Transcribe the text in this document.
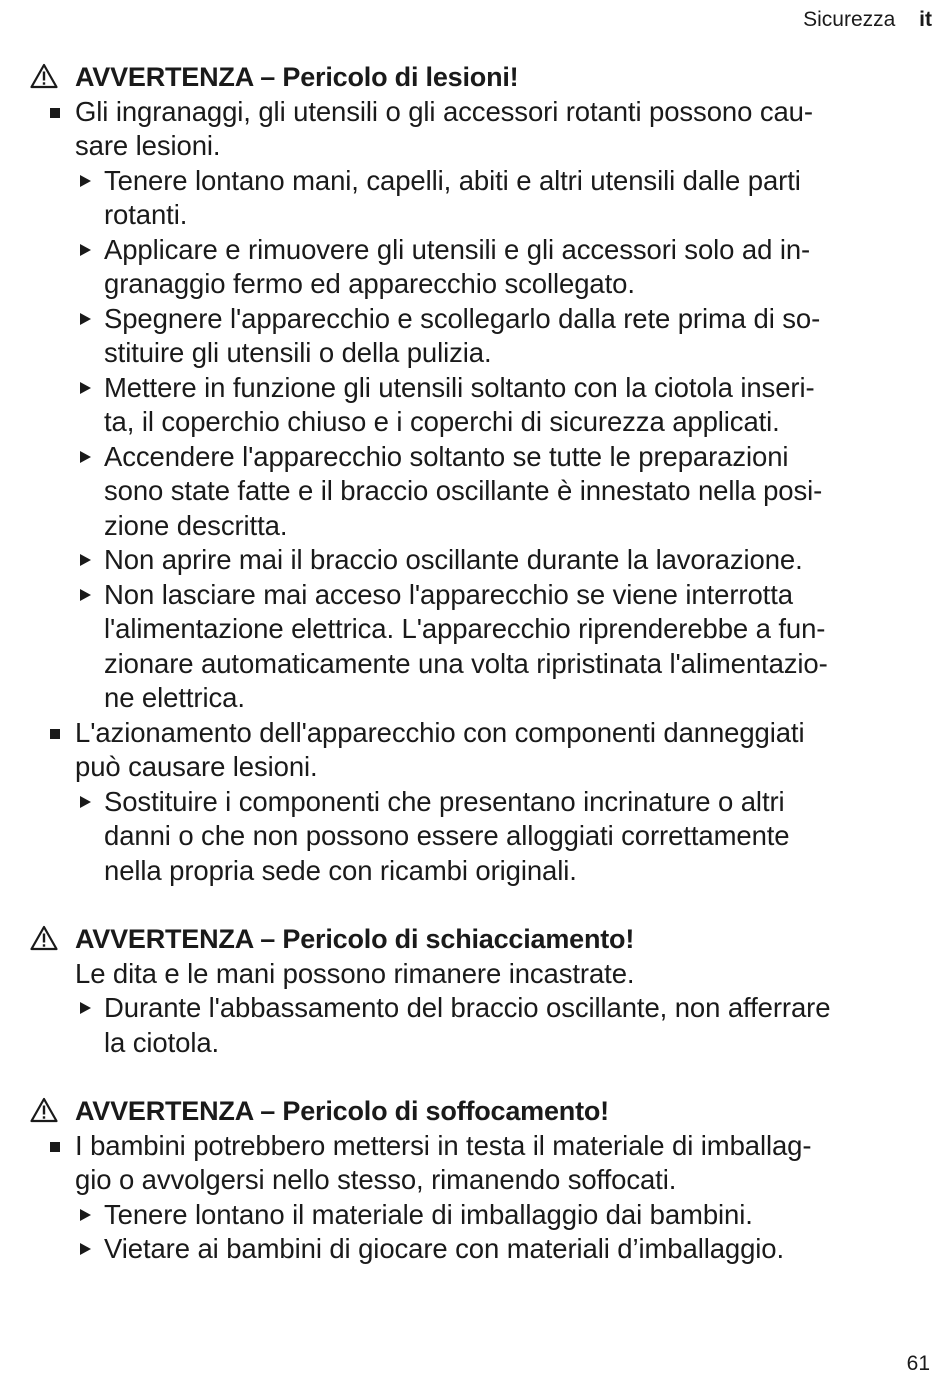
Sicurezza it
AVVERTENZA – Pericolo di lesioni!
Gli ingranaggi, gli utensili o gli accessori rotanti possono cau-
sare lesioni.
Tenere lontano mani, capelli, abiti e altri utensili dalle parti
rotanti.
Applicare e rimuovere gli utensili e gli accessori solo ad in-
granaggio fermo ed apparecchio scollegato.
Spegnere l'apparecchio e scollegarlo dalla rete prima di so-
stituire gli utensili o della pulizia.
Mettere in funzione gli utensili soltanto con la ciotola inseri-
ta, il coperchio chiuso e i coperchi di sicurezza applicati.
Accendere l'apparecchio soltanto se tutte le preparazioni
sono state fatte e il braccio oscillante è innestato nella posi-
zione descritta.
Non aprire mai il braccio oscillante durante la lavorazione.
Non lasciare mai acceso l'apparecchio se viene interrotta
l'alimentazione elettrica. L'apparecchio riprenderebbe a fun-
zionare automaticamente una volta ripristinata l'alimentazio-
ne elettrica.
L'azionamento dell'apparecchio con componenti danneggiati
può causare lesioni.
Sostituire i componenti che presentano incrinature o altri
danni o che non possono essere alloggiati correttamente
nella propria sede con ricambi originali.
AVVERTENZA – Pericolo di schiacciamento!
Le dita e le mani possono rimanere incastrate.
Durante l'abbassamento del braccio oscillante, non afferrare
la ciotola.
AVVERTENZA – Pericolo di soffocamento!
I bambini potrebbero mettersi in testa il materiale di imballag-
gio o avvolgersi nello stesso, rimanendo soffocati.
Tenere lontano il materiale di imballaggio dai bambini.
Vietare ai bambini di giocare con materiali d’imballaggio.
61
